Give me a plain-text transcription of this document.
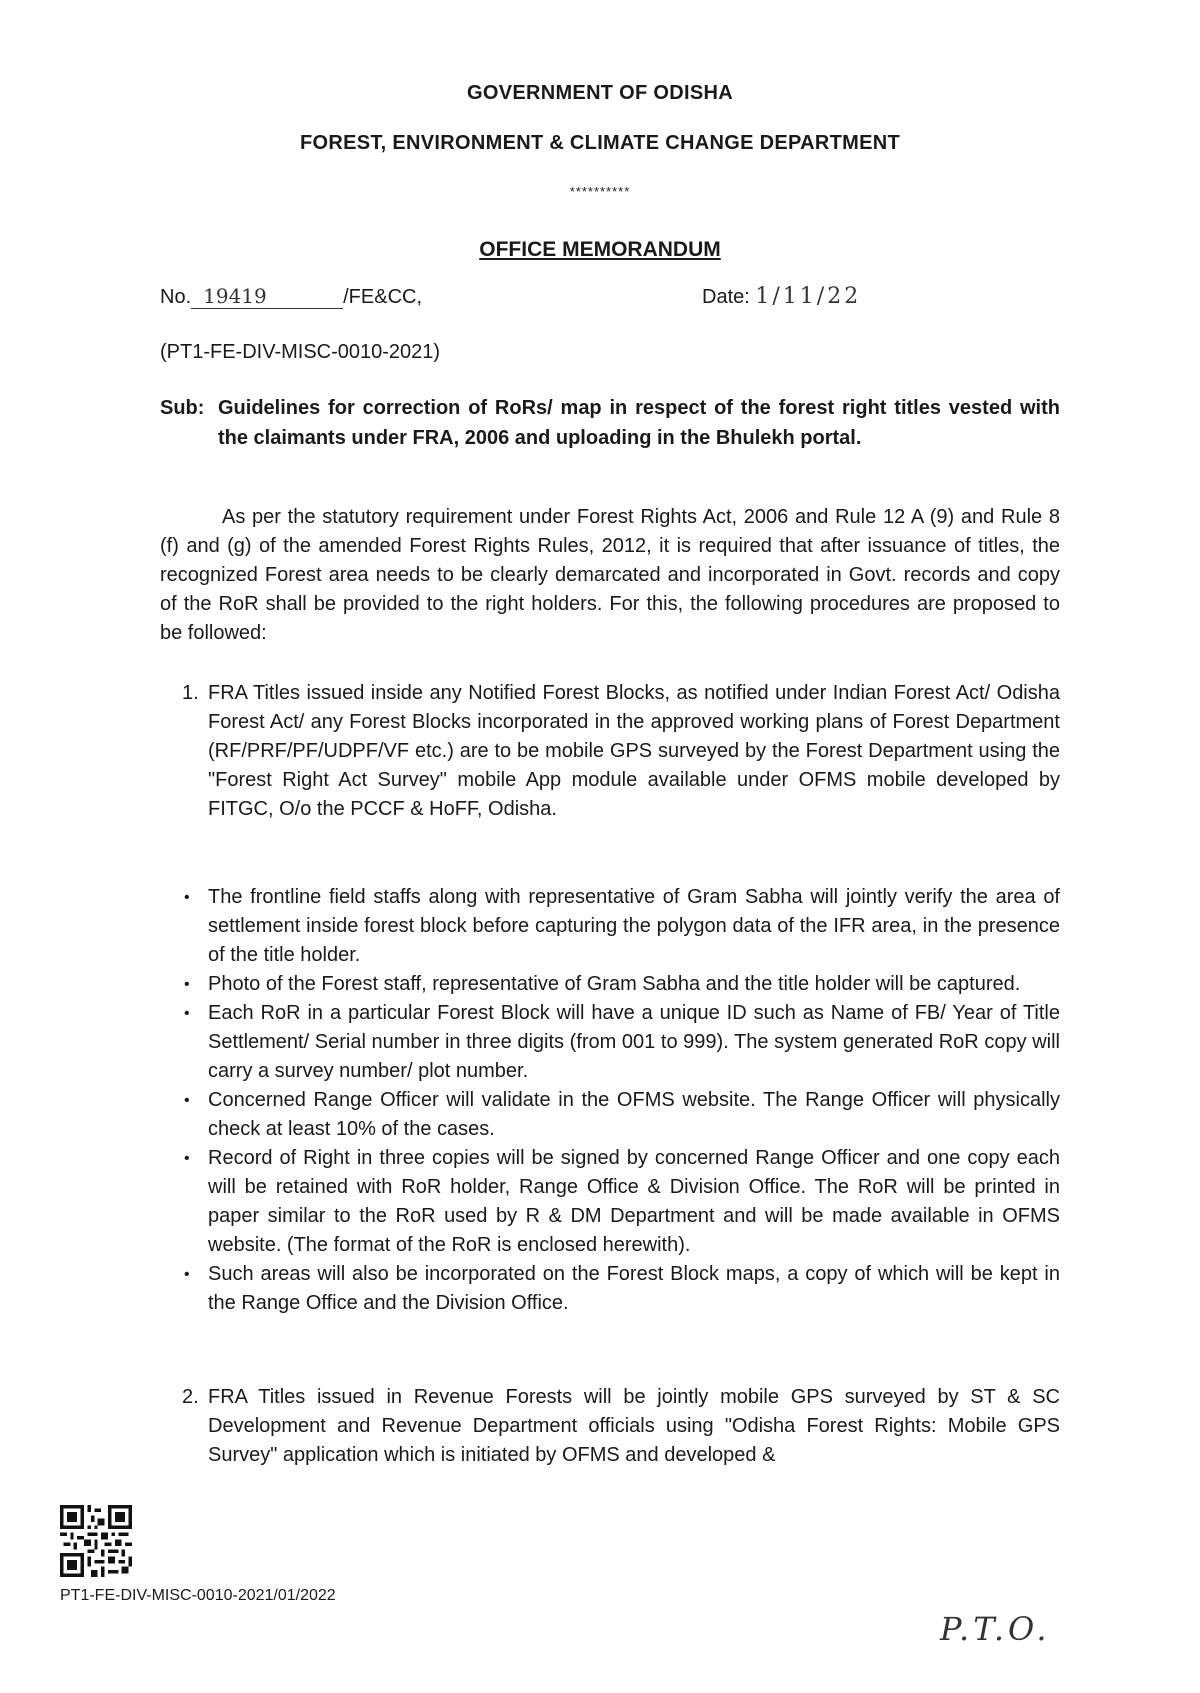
GOVERNMENT OF ODISHA
FOREST, ENVIRONMENT & CLIMATE CHANGE DEPARTMENT
**********
OFFICE MEMORANDUM
No. 19419	/FE&CC,	Date: 1/11/22
(PT1-FE-DIV-MISC-0010-2021)
Sub: Guidelines for correction of RoRs/ map in respect of the forest right titles vested with the claimants under FRA, 2006 and uploading in the Bhulekh portal.
As per the statutory requirement under Forest Rights Act, 2006 and Rule 12 A (9) and Rule 8 (f) and (g) of the amended Forest Rights Rules, 2012, it is required that after issuance of titles, the recognized Forest area needs to be clearly demarcated and incorporated in Govt. records and copy of the RoR shall be provided to the right holders. For this, the following procedures are proposed to be followed:
1. FRA Titles issued inside any Notified Forest Blocks, as notified under Indian Forest Act/ Odisha Forest Act/ any Forest Blocks incorporated in the approved working plans of Forest Department (RF/PRF/PF/UDPF/VF etc.) are to be mobile GPS surveyed by the Forest Department using the "Forest Right Act Survey" mobile App module available under OFMS mobile developed by FITGC, O/o the PCCF & HoFF, Odisha.
• The frontline field staffs along with representative of Gram Sabha will jointly verify the area of settlement inside forest block before capturing the polygon data of the IFR area, in the presence of the title holder.
• Photo of the Forest staff, representative of Gram Sabha and the title holder will be captured.
• Each RoR in a particular Forest Block will have a unique ID such as Name of FB/ Year of Title Settlement/ Serial number in three digits (from 001 to 999). The system generated RoR copy will carry a survey number/ plot number.
• Concerned Range Officer will validate in the OFMS website. The Range Officer will physically check at least 10% of the cases.
• Record of Right in three copies will be signed by concerned Range Officer and one copy each will be retained with RoR holder, Range Office & Division Office. The RoR will be printed in paper similar to the RoR used by R & DM Department and will be made available in OFMS website. (The format of the RoR is enclosed herewith).
• Such areas will also be incorporated on the Forest Block maps, a copy of which will be kept in the Range Office and the Division Office.
2. FRA Titles issued in Revenue Forests will be jointly mobile GPS surveyed by ST & SC Development and Revenue Department officials using "Odisha Forest Rights: Mobile GPS Survey" application which is initiated by OFMS and developed &
PT1-FE-DIV-MISC-0010-2021/01/2022
P.T.O.
